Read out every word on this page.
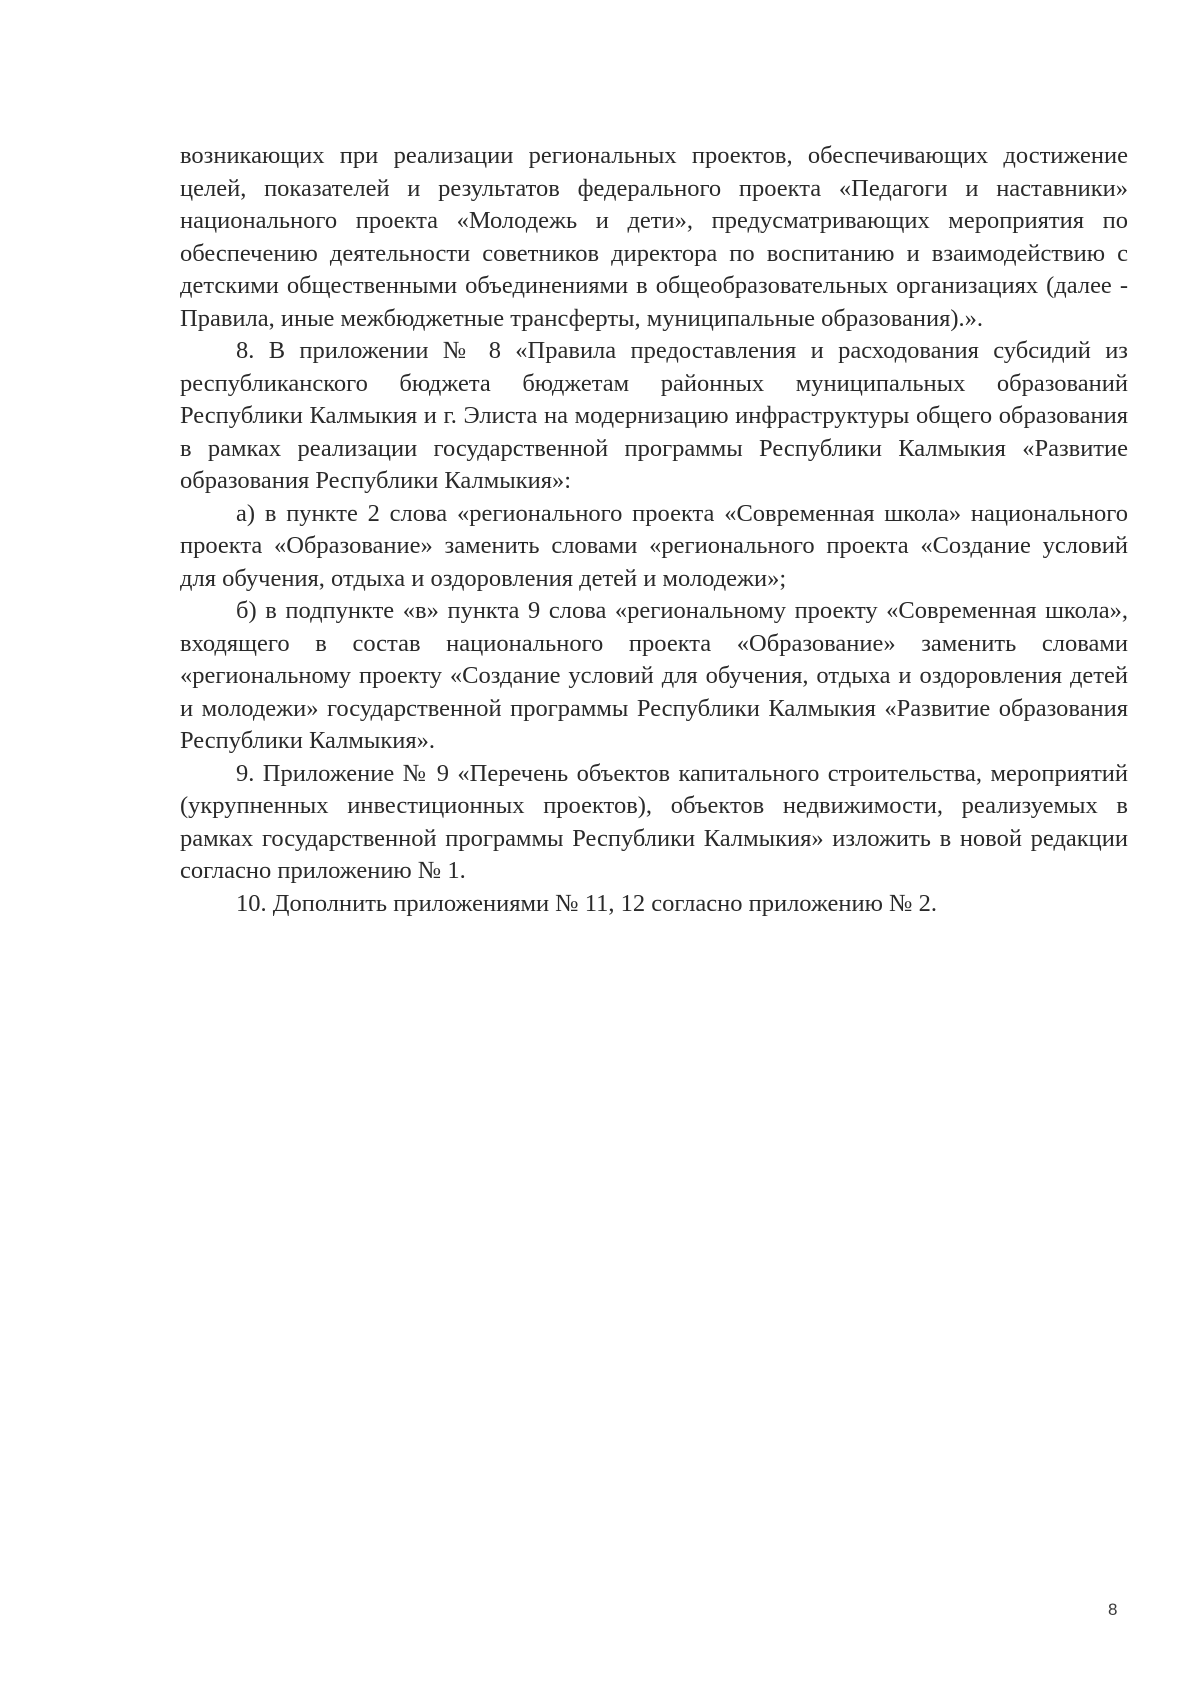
возникающих при реализации региональных проектов, обеспечивающих достижение целей, показателей и результатов федерального проекта «Педагоги и наставники» национального проекта «Молодежь и дети», предусматривающих мероприятия по обеспечению деятельности советников директора по воспитанию и взаимодействию с детскими общественными объединениями в общеобразовательных организациях (далее - Правила, иные межбюджетные трансферты, муниципальные образования).».

8. В приложении № 8 «Правила предоставления и расходования субсидий из республиканского бюджета бюджетам районных муниципальных образований Республики Калмыкия и г. Элиста на модернизацию инфраструктуры общего образования в рамках реализации государственной программы Республики Калмыкия «Развитие образования Республики Калмыкия»:

а) в пункте 2 слова «регионального проекта «Современная школа» национального проекта «Образование» заменить словами «регионального проекта «Создание условий для обучения, отдыха и оздоровления детей и молодежи»;

б) в подпункте «в» пункта 9 слова «региональному проекту «Современная школа», входящего в состав национального проекта «Образование» заменить словами «региональному проекту «Создание условий для обучения, отдыха и оздоровления детей и молодежи» государственной программы Республики Калмыкия «Развитие образования Республики Калмыкия».

9. Приложение № 9 «Перечень объектов капитального строительства, мероприятий (укрупненных инвестиционных проектов), объектов недвижимости, реализуемых в рамках государственной программы Республики Калмыкия» изложить в новой редакции согласно приложению № 1.

10. Дополнить приложениями № 11, 12 согласно приложению № 2.

8
